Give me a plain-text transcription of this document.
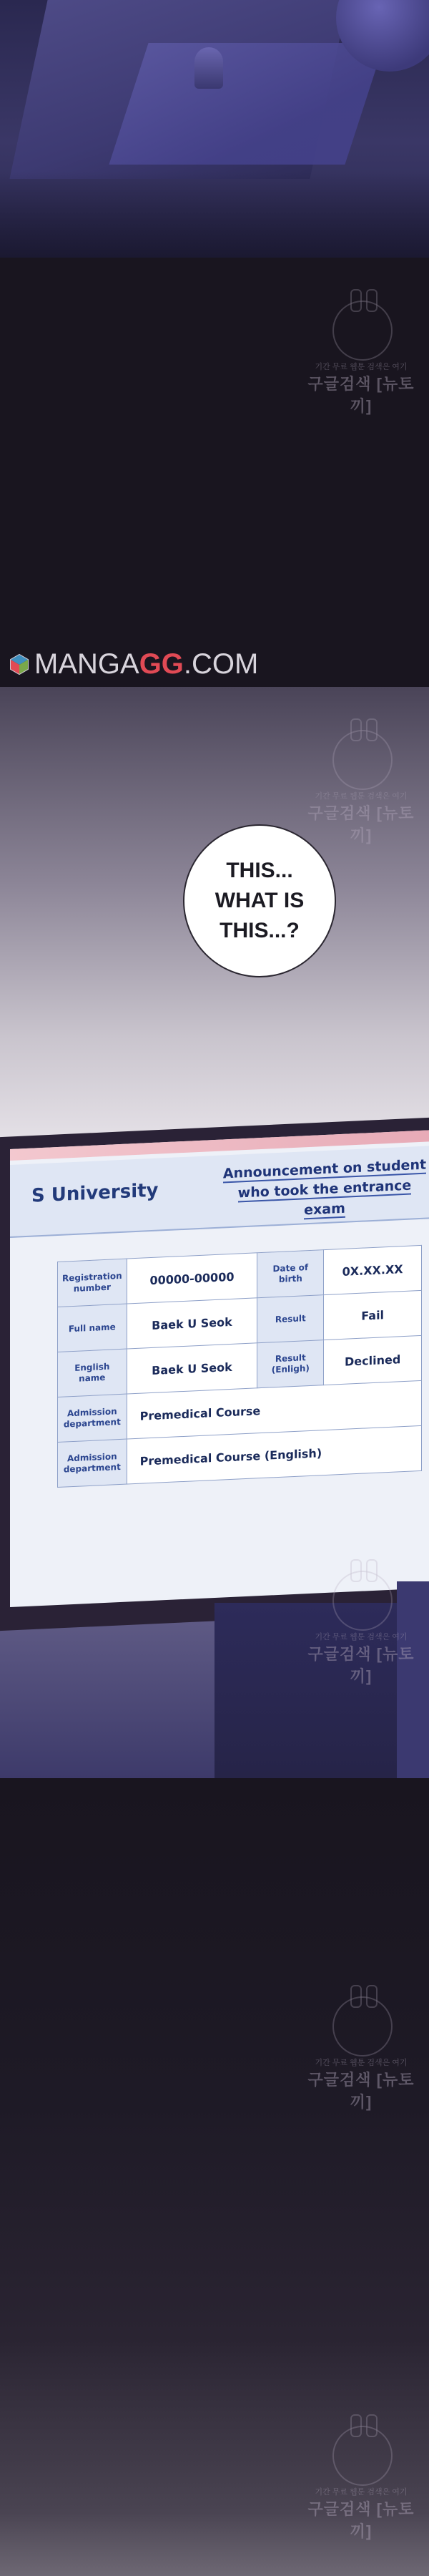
기간 무료 웹툰 검색은 여기
구글검색 [뉴토끼]
MANGAGG.COM
기간 무료 웹툰 검색은 여기
구글검색 [뉴토끼]
THIS...
WHAT IS
THIS...?
S University
Announcement on student who took the entrance exam
Registration number	00000-00000	Date of birth	0X.XX.XX
Full name	Baek U Seok	Result	Fail
English name	Baek U Seok	Result (Enligh)	Declined
Admission department	Premedical Course		
Admission department	Premedical Course (English)		
기간 무료 웹툰 검색은 여기
구글검색 [뉴토끼]
기간 무료 웹툰 검색은 여기
구글검색 [뉴토끼]
기간 무료 웹툰 검색은 여기
구글검색 [뉴토끼]
